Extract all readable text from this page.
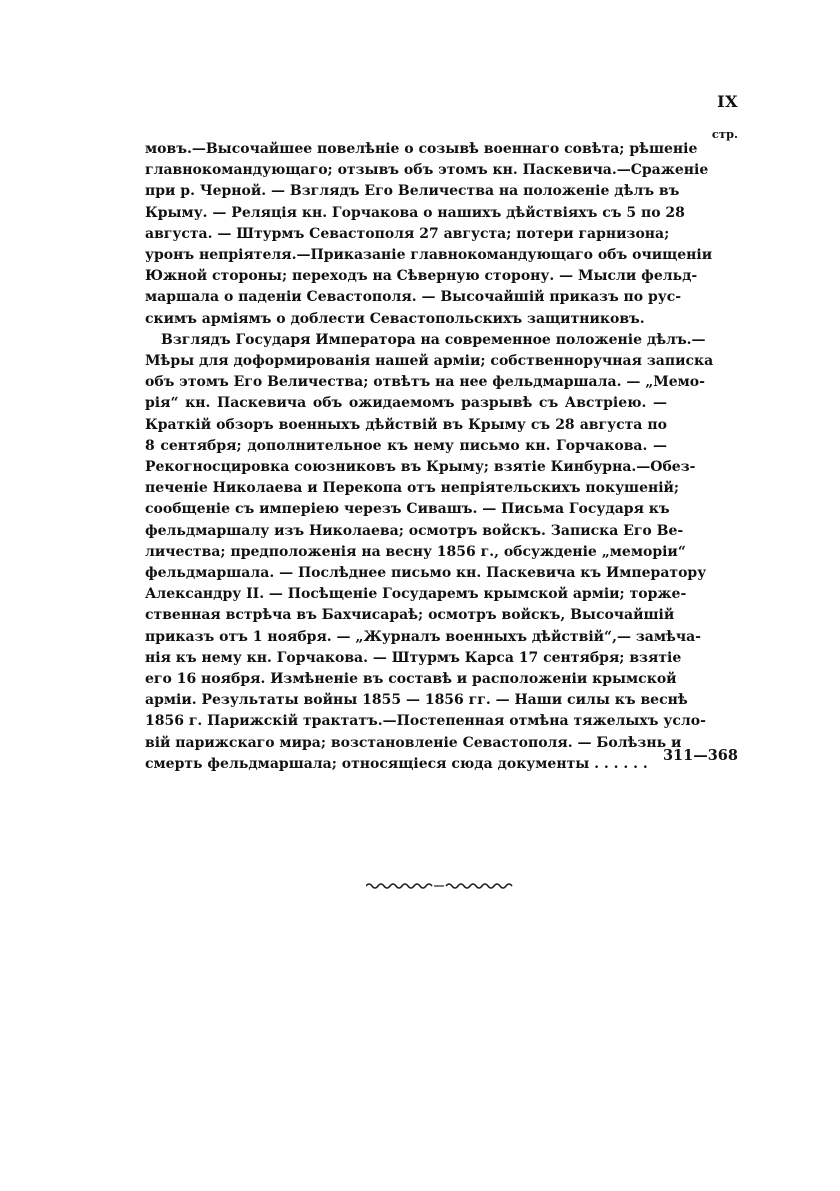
IX
стр.
мовъ.—Высочайшее повелѣніе о созывѣ военнаго совѣта; рѣшеніе
главнокомандующаго; отзывъ объ этомъ кн. Паскевича.—Сраженіе
при р. Черной. — Взглядъ Его Величества на положеніе дѣлъ въ
Крыму. — Реляція кн. Горчакова о нашихъ дѣйствіяхъ съ 5 по 28
августа. — Штурмъ Севастополя 27 августа; потери гарнизона;
уронъ непріятеля.—Приказаніе главнокомандующаго объ очищеніи
Южной стороны; переходъ на Сѣверную сторону. — Мысли фельд-
маршала о паденіи Севастополя. — Высочайшій приказъ по рус-
скимъ арміямъ о доблести Севастопольскихъ защитниковъ.
Взглядъ Государя Императора на современное положеніе дѣлъ.—
Мѣры для доформированія нашей арміи; собственноручная записка
объ этомъ Его Величества; отвѣтъ на нее фельдмаршала. — „Мемо-
рія“ кн. Паскевича объ ожидаемомъ разрывѣ съ Австріею. —
Краткій обзоръ военныхъ дѣйствій въ Крыму съ 28 августа по
8 сентября; дополнительное къ нему письмо кн. Горчакова. —
Рекогносцировка союзниковъ въ Крыму; взятіе Кинбурна.—Обез-
печеніе Николаева и Перекопа отъ непріятельскихъ покушеній;
сообщеніе съ имперіею черезъ Сивашъ. — Письма Государя къ
фельдмаршалу изъ Николаева; осмотръ войскъ. Записка Его Ве-
личества; предположенія на весну 1856 г., обсужденіе „меморіи“
фельдмаршала. — Послѣднее письмо кн. Паскевича къ Императору
Александру II. — Посѣщеніе Государемъ крымской арміи; торже-
ственная встрѣча въ Бахчисараѣ; осмотръ войскъ, Высочайшій
приказъ отъ 1 ноября. — „Журналъ военныхъ дѣйствій“,— замѣча-
нія къ нему кн. Горчакова. — Штурмъ Карса 17 сентября; взятіе
его 16 ноября. Измѣненіе въ составѣ и расположеніи крымской
арміи. Результаты войны 1855 — 1856 гг. — Наши силы къ веснѣ
1856 г. Парижскій трактатъ.—Постепенная отмѣна тяжелыхъ усло-
вій парижскаго мира; возстановленіе Севастополя. — Болѣзнь и
смерть фельдмаршала; относящіеся сюда документы . . . . . .	311—368
